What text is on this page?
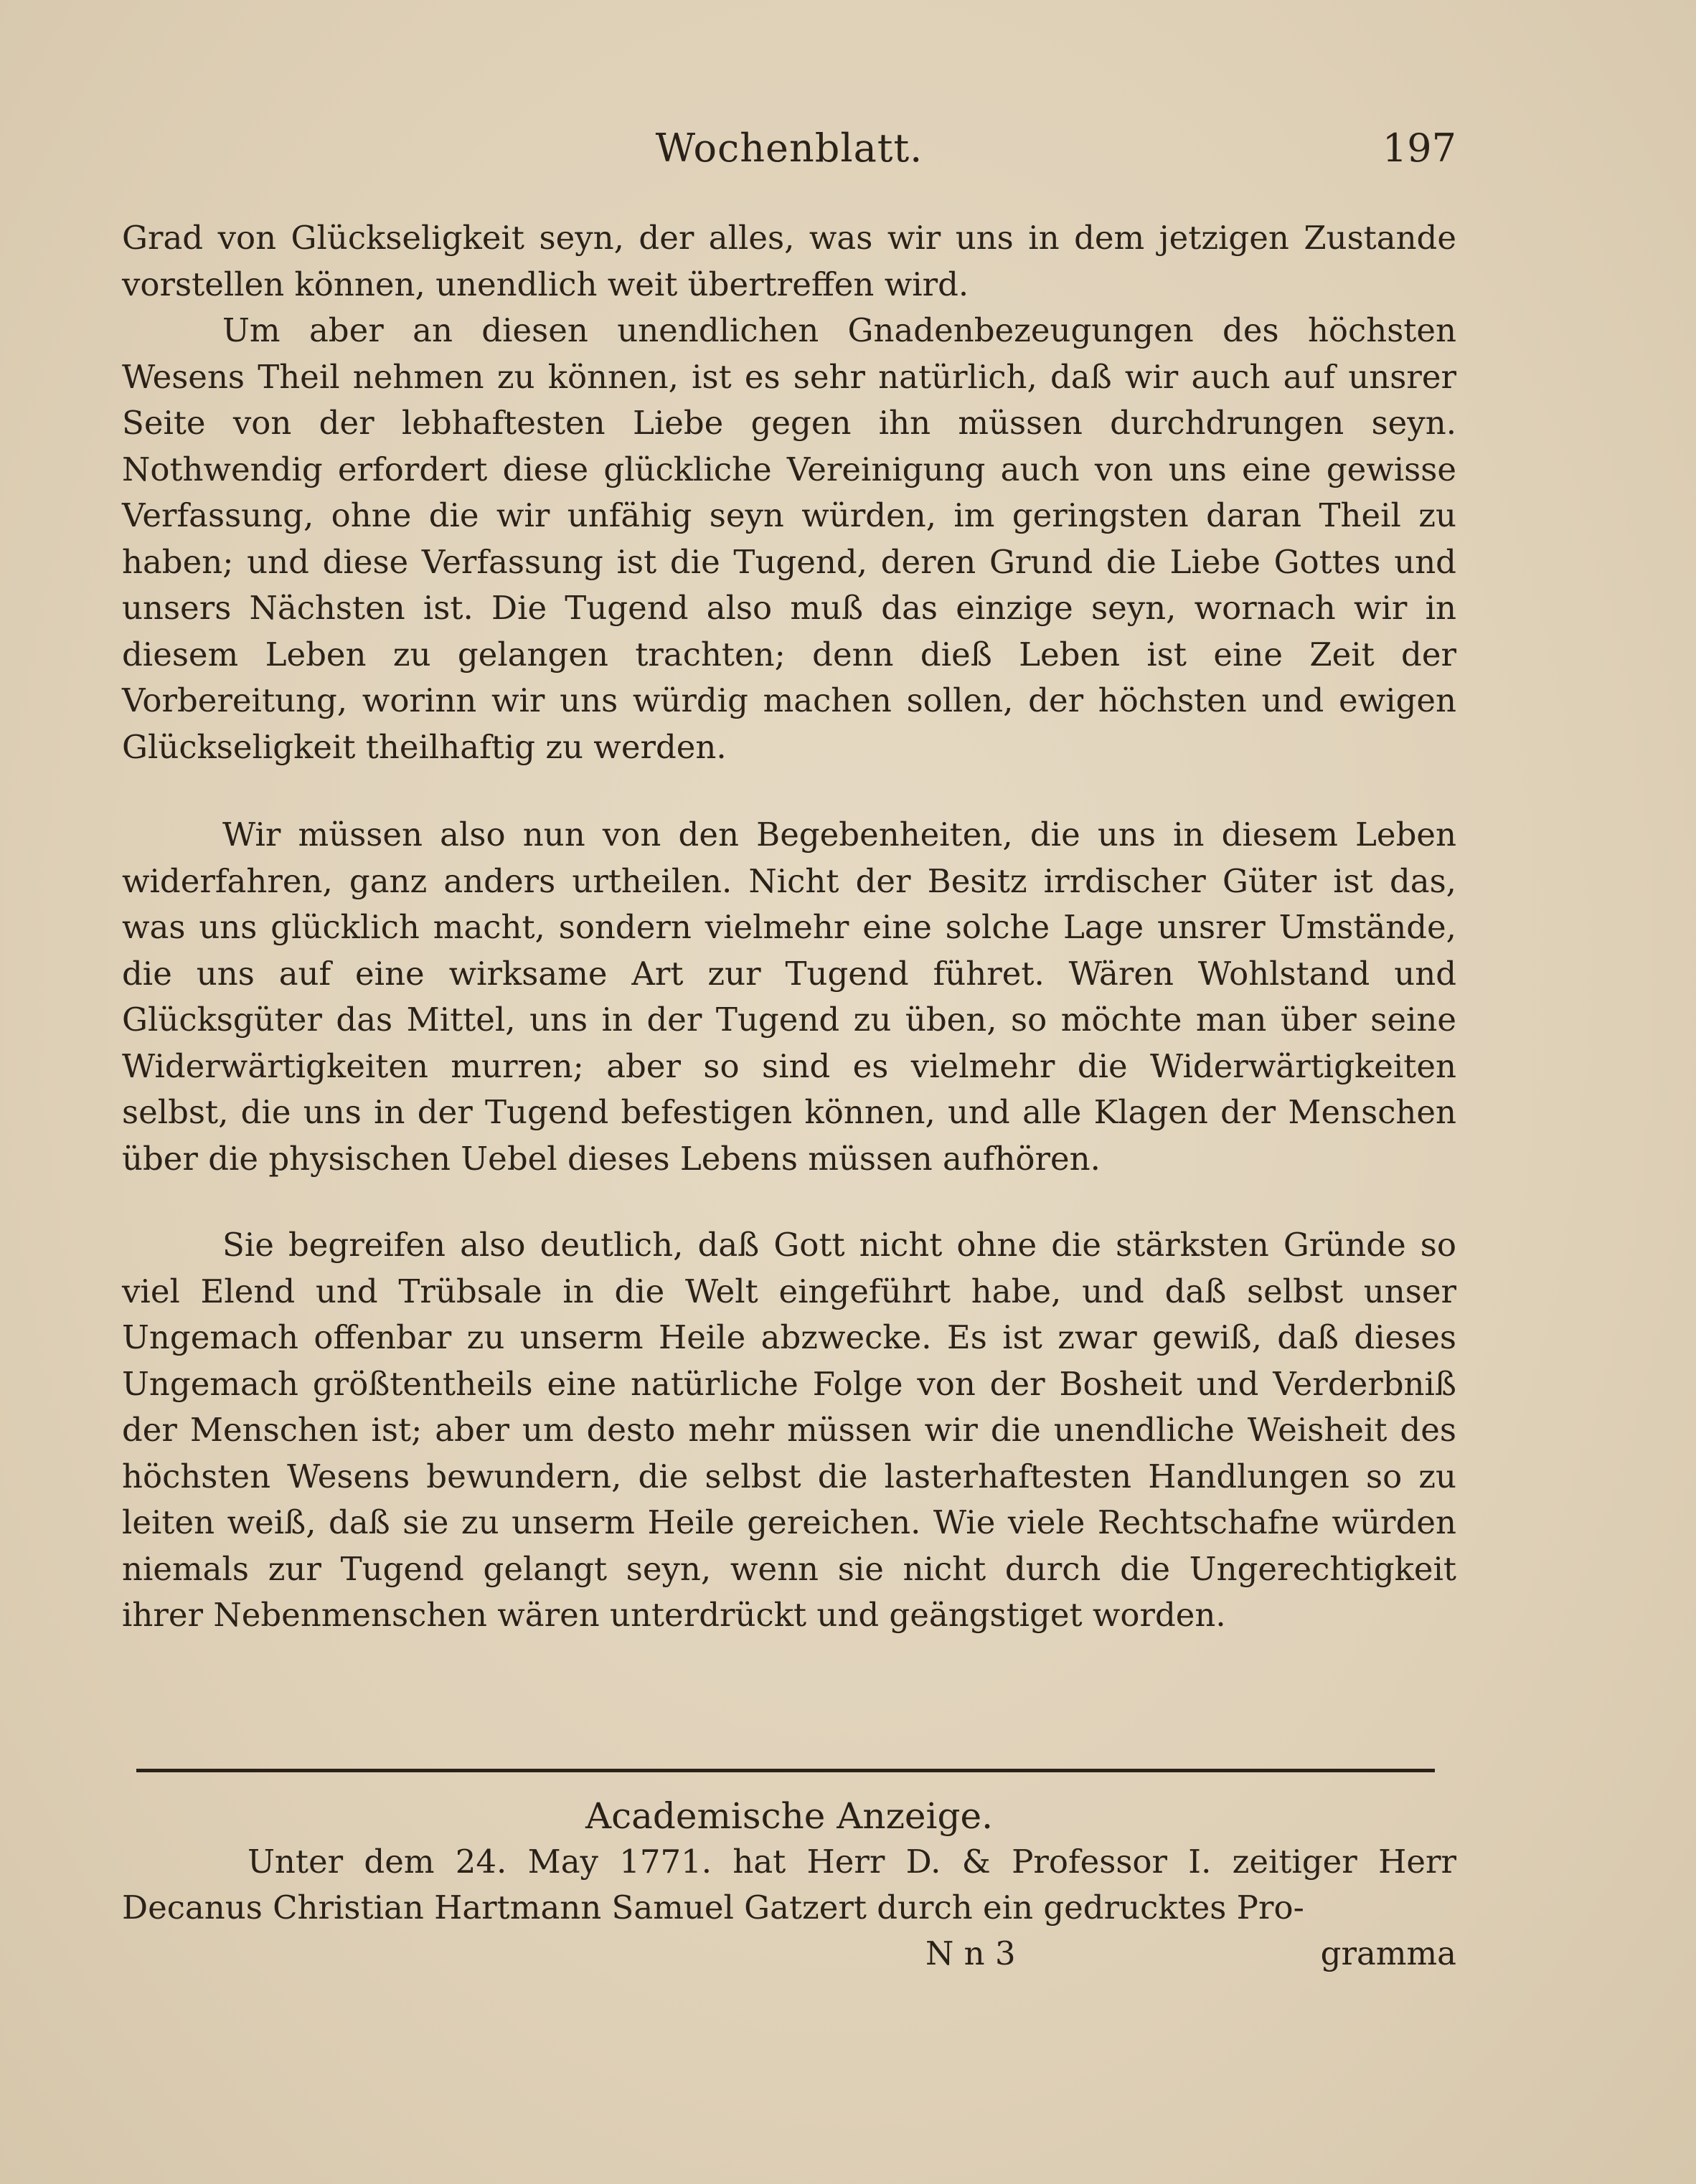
Wochenblatt.	197

Grad von Glückseligkeit seyn, der alles, was wir uns in dem jetzigen Zustande vorstellen können, unendlich weit übertreffen wird.

Um aber an diesen unendlichen Gnadenbezeugungen des höchsten Wesens Theil nehmen zu können, ist es sehr natürlich, daß wir auch auf unsrer Seite von der lebhaftesten Liebe gegen ihn müssen durchdrungen seyn. Nothwendig erfordert diese glückliche Vereinigung auch von uns eine gewisse Verfassung, ohne die wir unfähig seyn würden, im geringsten daran Theil zu haben; und diese Verfassung ist die Tugend, deren Grund die Liebe Gottes und unsers Nächsten ist. Die Tugend also muß das einzige seyn, wornach wir in diesem Leben zu gelangen trachten; denn dieß Leben ist eine Zeit der Vorbereitung, worinn wir uns würdig machen sollen, der höchsten und ewigen Glückseligkeit theilhaftig zu werden.

Wir müssen also nun von den Begebenheiten, die uns in diesem Leben widerfahren, ganz anders urtheilen. Nicht der Besitz irrdischer Güter ist das, was uns glücklich macht, sondern vielmehr eine solche Lage unsrer Umstände, die uns auf eine wirksame Art zur Tugend führet. Wären Wohlstand und Glücksgüter das Mittel, uns in der Tugend zu üben, so möchte man über seine Widerwärtigkeiten murren; aber so sind es vielmehr die Widerwärtigkeiten selbst, die uns in der Tugend befestigen können, und alle Klagen der Menschen über die physischen Uebel dieses Lebens müssen aufhören.

Sie begreifen also deutlich, daß Gott nicht ohne die stärksten Gründe so viel Elend und Trübsale in die Welt eingeführt habe, und daß selbst unser Ungemach offenbar zu unserm Heile abzwecke. Es ist zwar gewiß, daß dieses Ungemach größtentheils eine natürliche Folge von der Bosheit und Verderbniß der Menschen ist; aber um desto mehr müssen wir die unendliche Weisheit des höchsten Wesens bewundern, die selbst die lasterhaftesten Handlungen so zu leiten weiß, daß sie zu unserm Heile gereichen. Wie viele Rechtschafne würden niemals zur Tugend gelangt seyn, wenn sie nicht durch die Ungerechtigkeit ihrer Nebenmenschen wären unterdrückt und geängstiget worden.

Academische Anzeige.

Unter dem 24. May 1771. hat Herr D. & Professor I. zeitiger Herr Decanus Christian Hartmann Samuel Gatzert durch ein gedrucktes Pro-

N n 3	gramma
